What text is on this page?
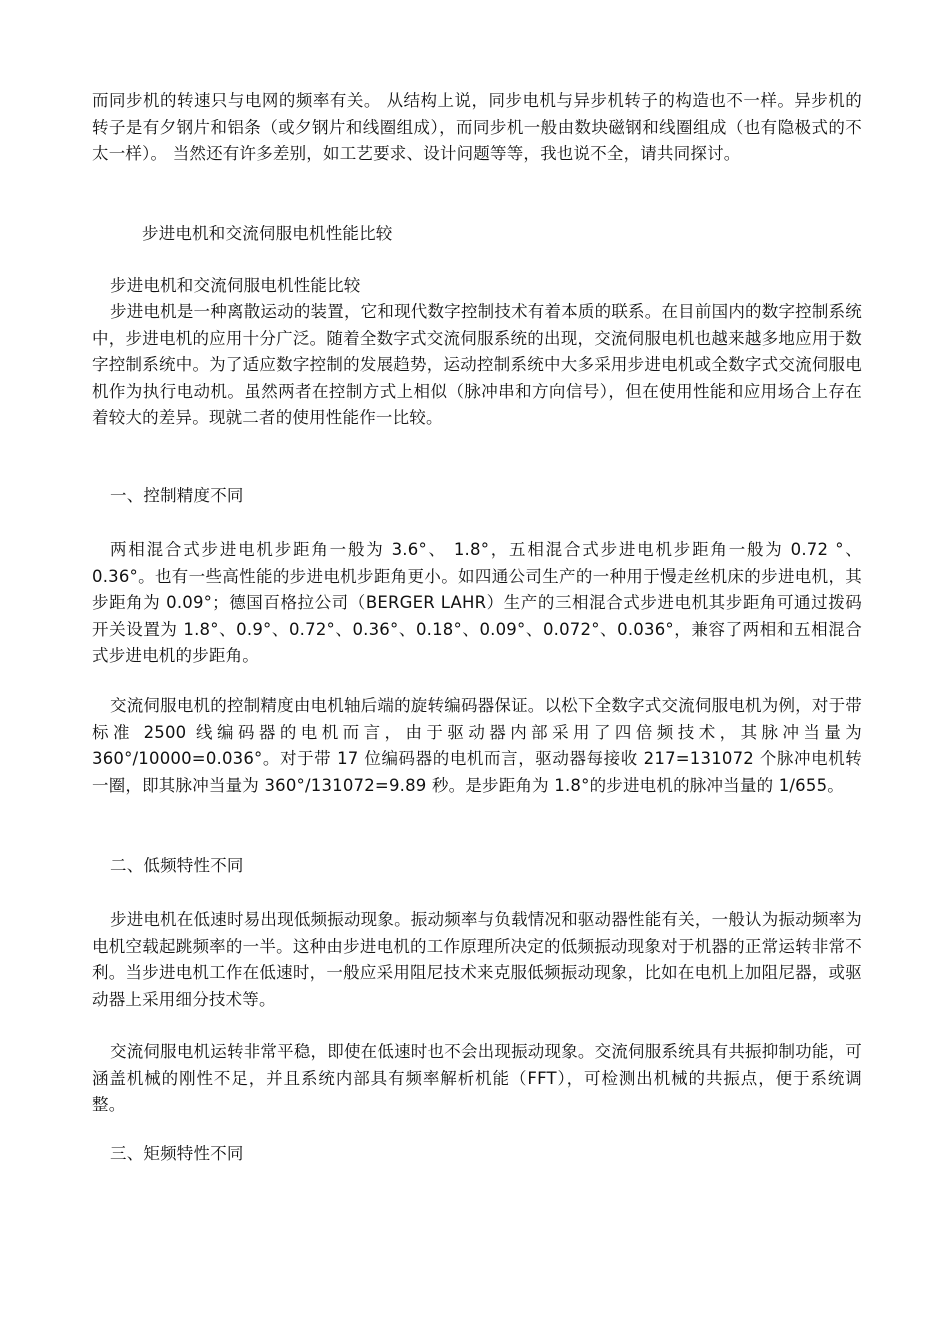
而同步机的转速只与电网的频率有关。 从结构上说，同步电机与异步机转子的构造也不一样。异步机的转子是有夕钢片和铝条（或夕钢片和线圈组成），而同步机一般由数块磁钢和线圈组成（也有隐极式的不太一样）。 当然还有许多差别，如工艺要求、设计问题等等，我也说不全，请共同探讨。

步进电机和交流伺服电机性能比较

步进电机和交流伺服电机性能比较

步进电机是一种离散运动的装置，它和现代数字控制技术有着本质的联系。在目前国内的数字控制系统中，步进电机的应用十分广泛。随着全数字式交流伺服系统的出现，交流伺服电机也越来越多地应用于数字控制系统中。为了适应数字控制的发展趋势，运动控制系统中大多采用步进电机或全数字式交流伺服电机作为执行电动机。虽然两者在控制方式上相似（脉冲串和方向信号），但在使用性能和应用场合上存在着较大的差异。现就二者的使用性能作一比较。

一、控制精度不同

两相混合式步进电机步距角一般为 3.6°、 1.8°，五相混合式步进电机步距角一般为 0.72 °、0.36°。也有一些高性能的步进电机步距角更小。如四通公司生产的一种用于慢走丝机床的步进电机，其步距角为 0.09°；德国百格拉公司（BERGER LAHR）生产的三相混合式步进电机其步距角可通过拨码开关设置为 1.8°、0.9°、0.72°、0.36°、0.18°、0.09°、0.072°、0.036°，兼容了两相和五相混合式步进电机的步距角。

交流伺服电机的控制精度由电机轴后端的旋转编码器保证。以松下全数字式交流伺服电机为例，对于带标准 2500 线编码器的电机而言，由于驱动器内部采用了四倍频技术，其脉冲当量为 360°/10000=0.036°。对于带 17 位编码器的电机而言，驱动器每接收 217=131072 个脉冲电机转一圈，即其脉冲当量为 360°/131072=9.89 秒。是步距角为 1.8°的步进电机的脉冲当量的 1/655。

二、低频特性不同

步进电机在低速时易出现低频振动现象。振动频率与负载情况和驱动器性能有关，一般认为振动频率为电机空载起跳频率的一半。这种由步进电机的工作原理所决定的低频振动现象对于机器的正常运转非常不利。当步进电机工作在低速时，一般应采用阻尼技术来克服低频振动现象，比如在电机上加阻尼器，或驱动器上采用细分技术等。

交流伺服电机运转非常平稳，即使在低速时也不会出现振动现象。交流伺服系统具有共振抑制功能，可涵盖机械的刚性不足，并且系统内部具有频率解析机能（FFT），可检测出机械的共振点，便于系统调整。

三、矩频特性不同
